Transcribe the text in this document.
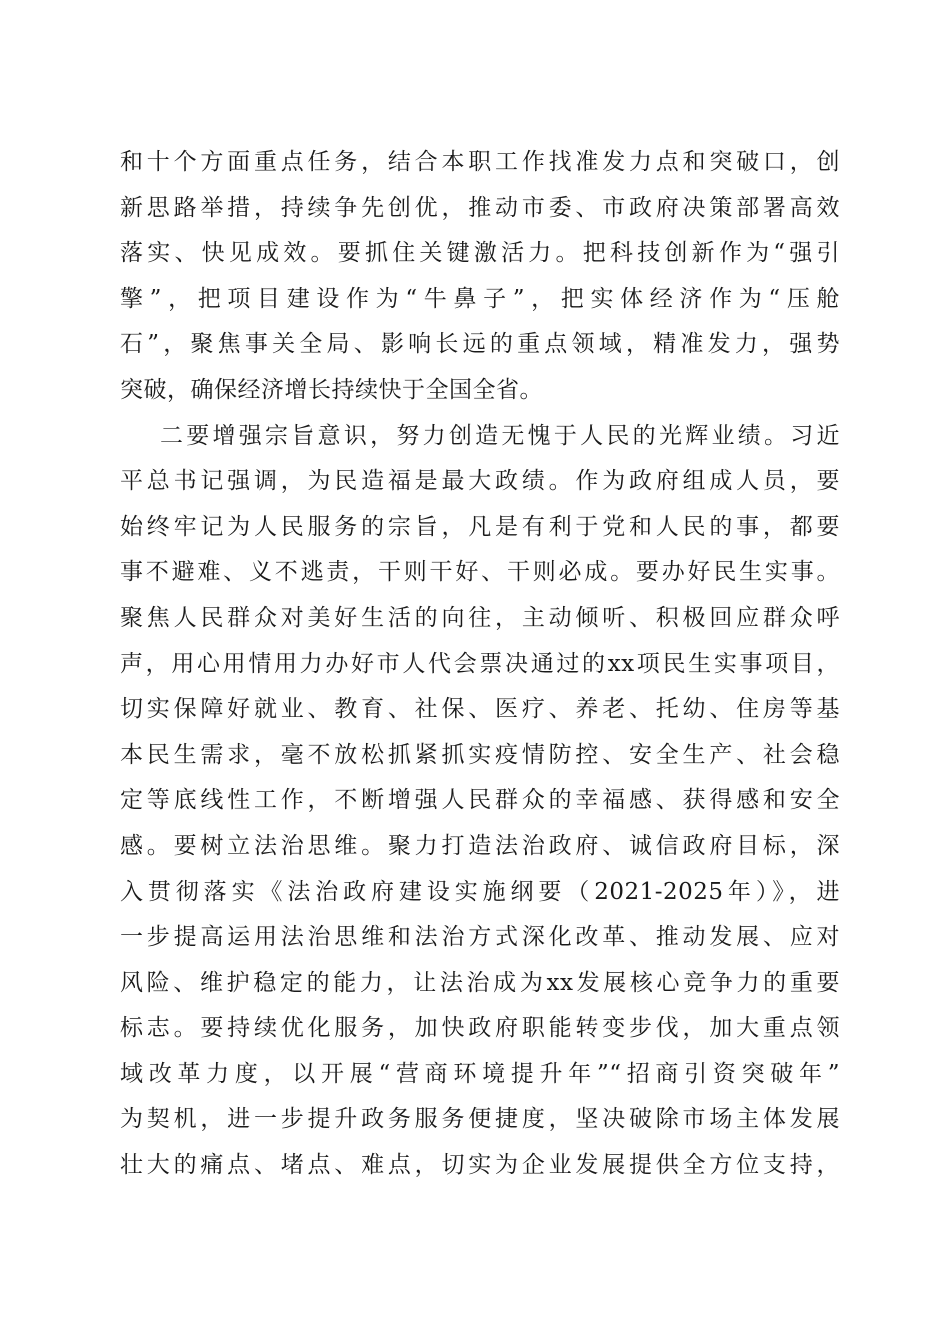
和十个方面重点任务，结合本职工作找准发力点和突破口，创
新思路举措，持续争先创优，推动市委、市政府决策部署高效
落实、快见成效。要抓住关键激活力。把科技创新作为“强引
擎”，把项目建设作为“牛鼻子”，把实体经济作为“压舱
石”，聚焦事关全局、影响长远的重点领域，精准发力，强势
突破，确保经济增长持续快于全国全省。
二要增强宗旨意识，努力创造无愧于人民的光辉业绩。习近
平总书记强调，为民造福是最大政绩。作为政府组成人员，要
始终牢记为人民服务的宗旨，凡是有利于党和人民的事，都要
事不避难、义不逃责，干则干好、干则必成。要办好民生实事。
聚焦人民群众对美好生活的向往，主动倾听、积极回应群众呼
声，用心用情用力办好市人代会票决通过的xx项民生实事项目，
切实保障好就业、教育、社保、医疗、养老、托幼、住房等基
本民生需求，毫不放松抓紧抓实疫情防控、安全生产、社会稳
定等底线性工作，不断增强人民群众的幸福感、获得感和安全
感。要树立法治思维。聚力打造法治政府、诚信政府目标，深
入贯彻落实《法治政府建设实施纲要（2021-2025年）》，进
一步提高运用法治思维和法治方式深化改革、推动发展、应对
风险、维护稳定的能力，让法治成为xx发展核心竞争力的重要
标志。要持续优化服务，加快政府职能转变步伐，加大重点领
域改革力度，以开展“营商环境提升年”“招商引资突破年”
为契机，进一步提升政务服务便捷度，坚决破除市场主体发展
壮大的痛点、堵点、难点，切实为企业发展提供全方位支持，
